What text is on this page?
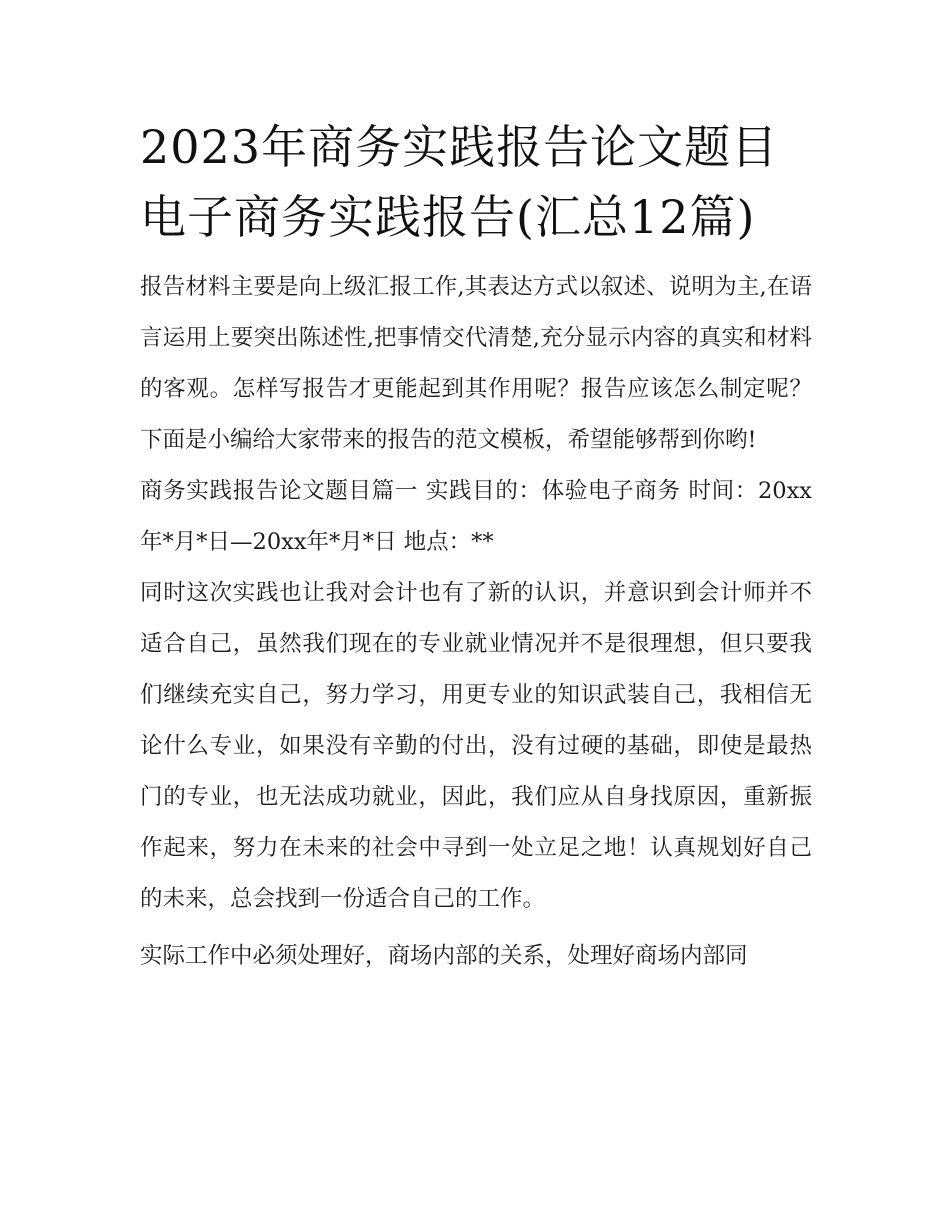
2023年商务实践报告论文题目
电子商务实践报告(汇总12篇)

报告材料主要是向上级汇报工作,其表达方式以叙述、说明为主,在语言运用上要突出陈述性,把事情交代清楚,充分显示内容的真实和材料的客观。怎样写报告才更能起到其作用呢？报告应该怎么制定呢？下面是小编给大家带来的报告的范文模板，希望能够帮到你哟!

商务实践报告论文题目篇一 实践目的：体验电子商务 时间：20xx年*月*日—20xx年*月*日 地点：**

同时这次实践也让我对会计也有了新的认识，并意识到会计师并不适合自己，虽然我们现在的专业就业情况并不是很理想，但只要我们继续充实自己，努力学习，用更专业的知识武装自己，我相信无论什么专业，如果没有辛勤的付出，没有过硬的基础，即使是最热门的专业，也无法成功就业，因此，我们应从自身找原因，重新振作起来，努力在未来的社会中寻到一处立足之地！认真规划好自己的未来，总会找到一份适合自己的工作。

实际工作中必须处理好，商场内部的关系，处理好商场内部同
